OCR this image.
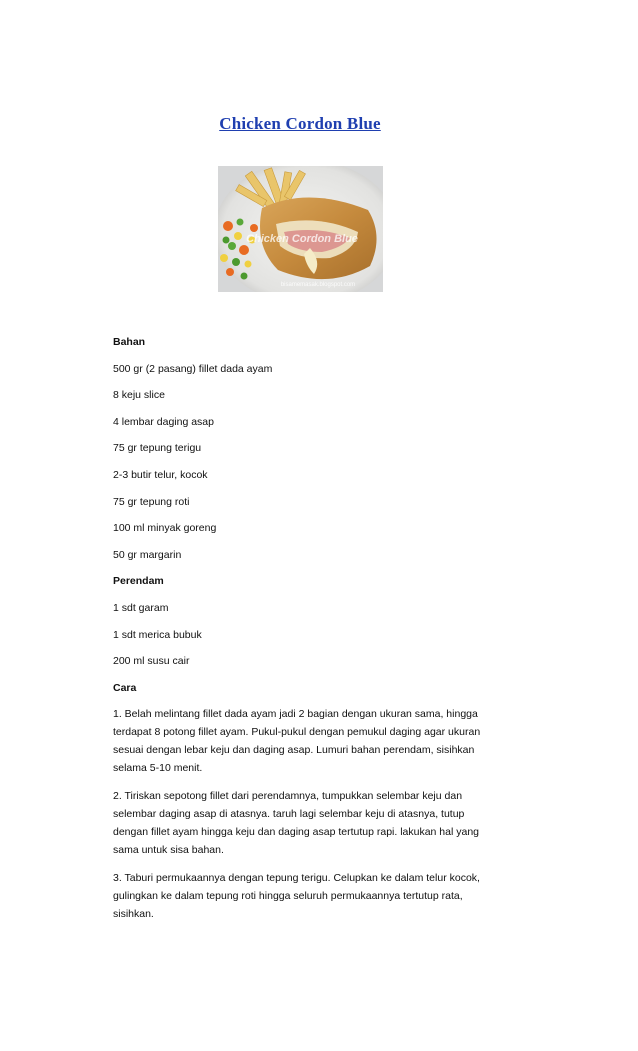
Chicken Cordon Blue
Chicken Cordon Blue
bisamemasak.blogspot.com
Bahan
500 gr (2 pasang) fillet dada ayam
8 keju slice
4 lembar daging asap
75 gr tepung terigu
2-3 butir telur, kocok
75 gr tepung roti
100 ml minyak goreng
50 gr margarin
Perendam
1 sdt garam
1 sdt merica bubuk
200 ml susu cair
Cara
1. Belah melintang fillet dada ayam jadi 2 bagian dengan ukuran sama, hingga
terdapat 8 potong fillet ayam. Pukul-pukul dengan pemukul daging agar ukuran
sesuai dengan lebar keju dan daging asap. Lumuri bahan perendam, sisihkan
selama 5-10 menit.
2. Tiriskan sepotong fillet dari perendamnya, tumpukkan selembar keju dan
selembar daging asap di atasnya. taruh lagi selembar keju di atasnya, tutup
dengan fillet ayam hingga keju dan daging asap tertutup rapi. lakukan hal yang
sama untuk sisa bahan.
3. Taburi permukaannya dengan tepung terigu. Celupkan ke dalam telur kocok,
gulingkan ke dalam tepung roti hingga seluruh permukaannya tertutup rata,
sisihkan.
